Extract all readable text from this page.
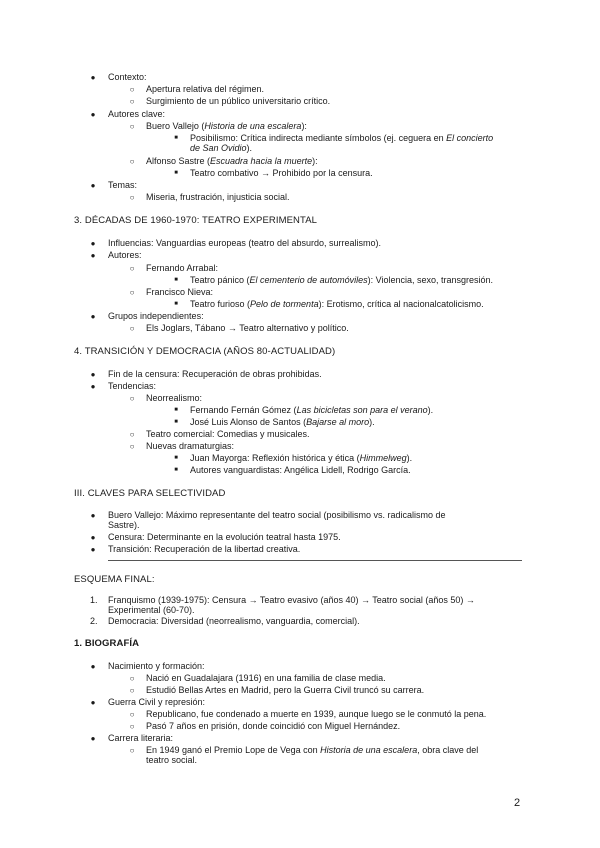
● Contexto:
○ Apertura relativa del régimen.
○ Surgimiento de un público universitario crítico.
● Autores clave:
○ Buero Vallejo (Historia de una escalera):
■	Posibilismo: Crítica indirecta mediante símbolos (ej. ceguera en El concierto
de San Ovidio).
○ Alfonso Sastre (Escuadra hacia la muerte):
■	Teatro combativo → Prohibido por la censura.
● Temas:
○ Miseria, frustración, injusticia social.
3. DÉCADAS DE 1960-1970: TEATRO EXPERIMENTAL
● Influencias: Vanguardias europeas (teatro del absurdo, surrealismo).
● Autores:
○ Fernando Arrabal:
■	Teatro pánico (El cementerio de automóviles): Violencia, sexo, transgresión.
○ Francisco Nieva:
■	Teatro furioso (Pelo de tormenta): Erotismo, crítica al nacionalcatolicismo.
● Grupos independientes:
○ Els Joglars, Tábano → Teatro alternativo y político.
4. TRANSICIÓN Y DEMOCRACIA (AÑOS 80-ACTUALIDAD)
● Fin de la censura: Recuperación de obras prohibidas.
● Tendencias:
○ Neorrealismo:
■	Fernando Fernán Gómez (Las bicicletas son para el verano).
■	José Luis Alonso de Santos (Bajarse al moro).
○ Teatro comercial: Comedias y musicales.
○ Nuevas dramaturgias:
■	Juan Mayorga: Reflexión histórica y ética (Himmelweg).
■	Autores vanguardistas: Angélica Lidell, Rodrigo García.
III. CLAVES PARA SELECTIVIDAD
● Buero Vallejo: Máximo representante del teatro social (posibilismo vs. radicalismo de
Sastre).
● Censura: Determinante en la evolución teatral hasta 1975.
● Transición: Recuperación de la libertad creativa.
ESQUEMA FINAL:
1. Franquismo (1939-1975): Censura → Teatro evasivo (años 40) → Teatro social (años 50) →
Experimental (60-70).
2. Democracia: Diversidad (neorrealismo, vanguardia, comercial).
1. BIOGRAFÍA
● Nacimiento y formación:
○ Nació en Guadalajara (1916) en una familia de clase media.
○ Estudió Bellas Artes en Madrid, pero la Guerra Civil truncó su carrera.
● Guerra Civil y represión:
○ Republicano, fue condenado a muerte en 1939, aunque luego se le conmutó la pena.
○ Pasó 7 años en prisión, donde coincidió con Miguel Hernández.
● Carrera literaria:
○ En 1949 ganó el Premio Lope de Vega con Historia de una escalera, obra clave del
teatro social.
2
